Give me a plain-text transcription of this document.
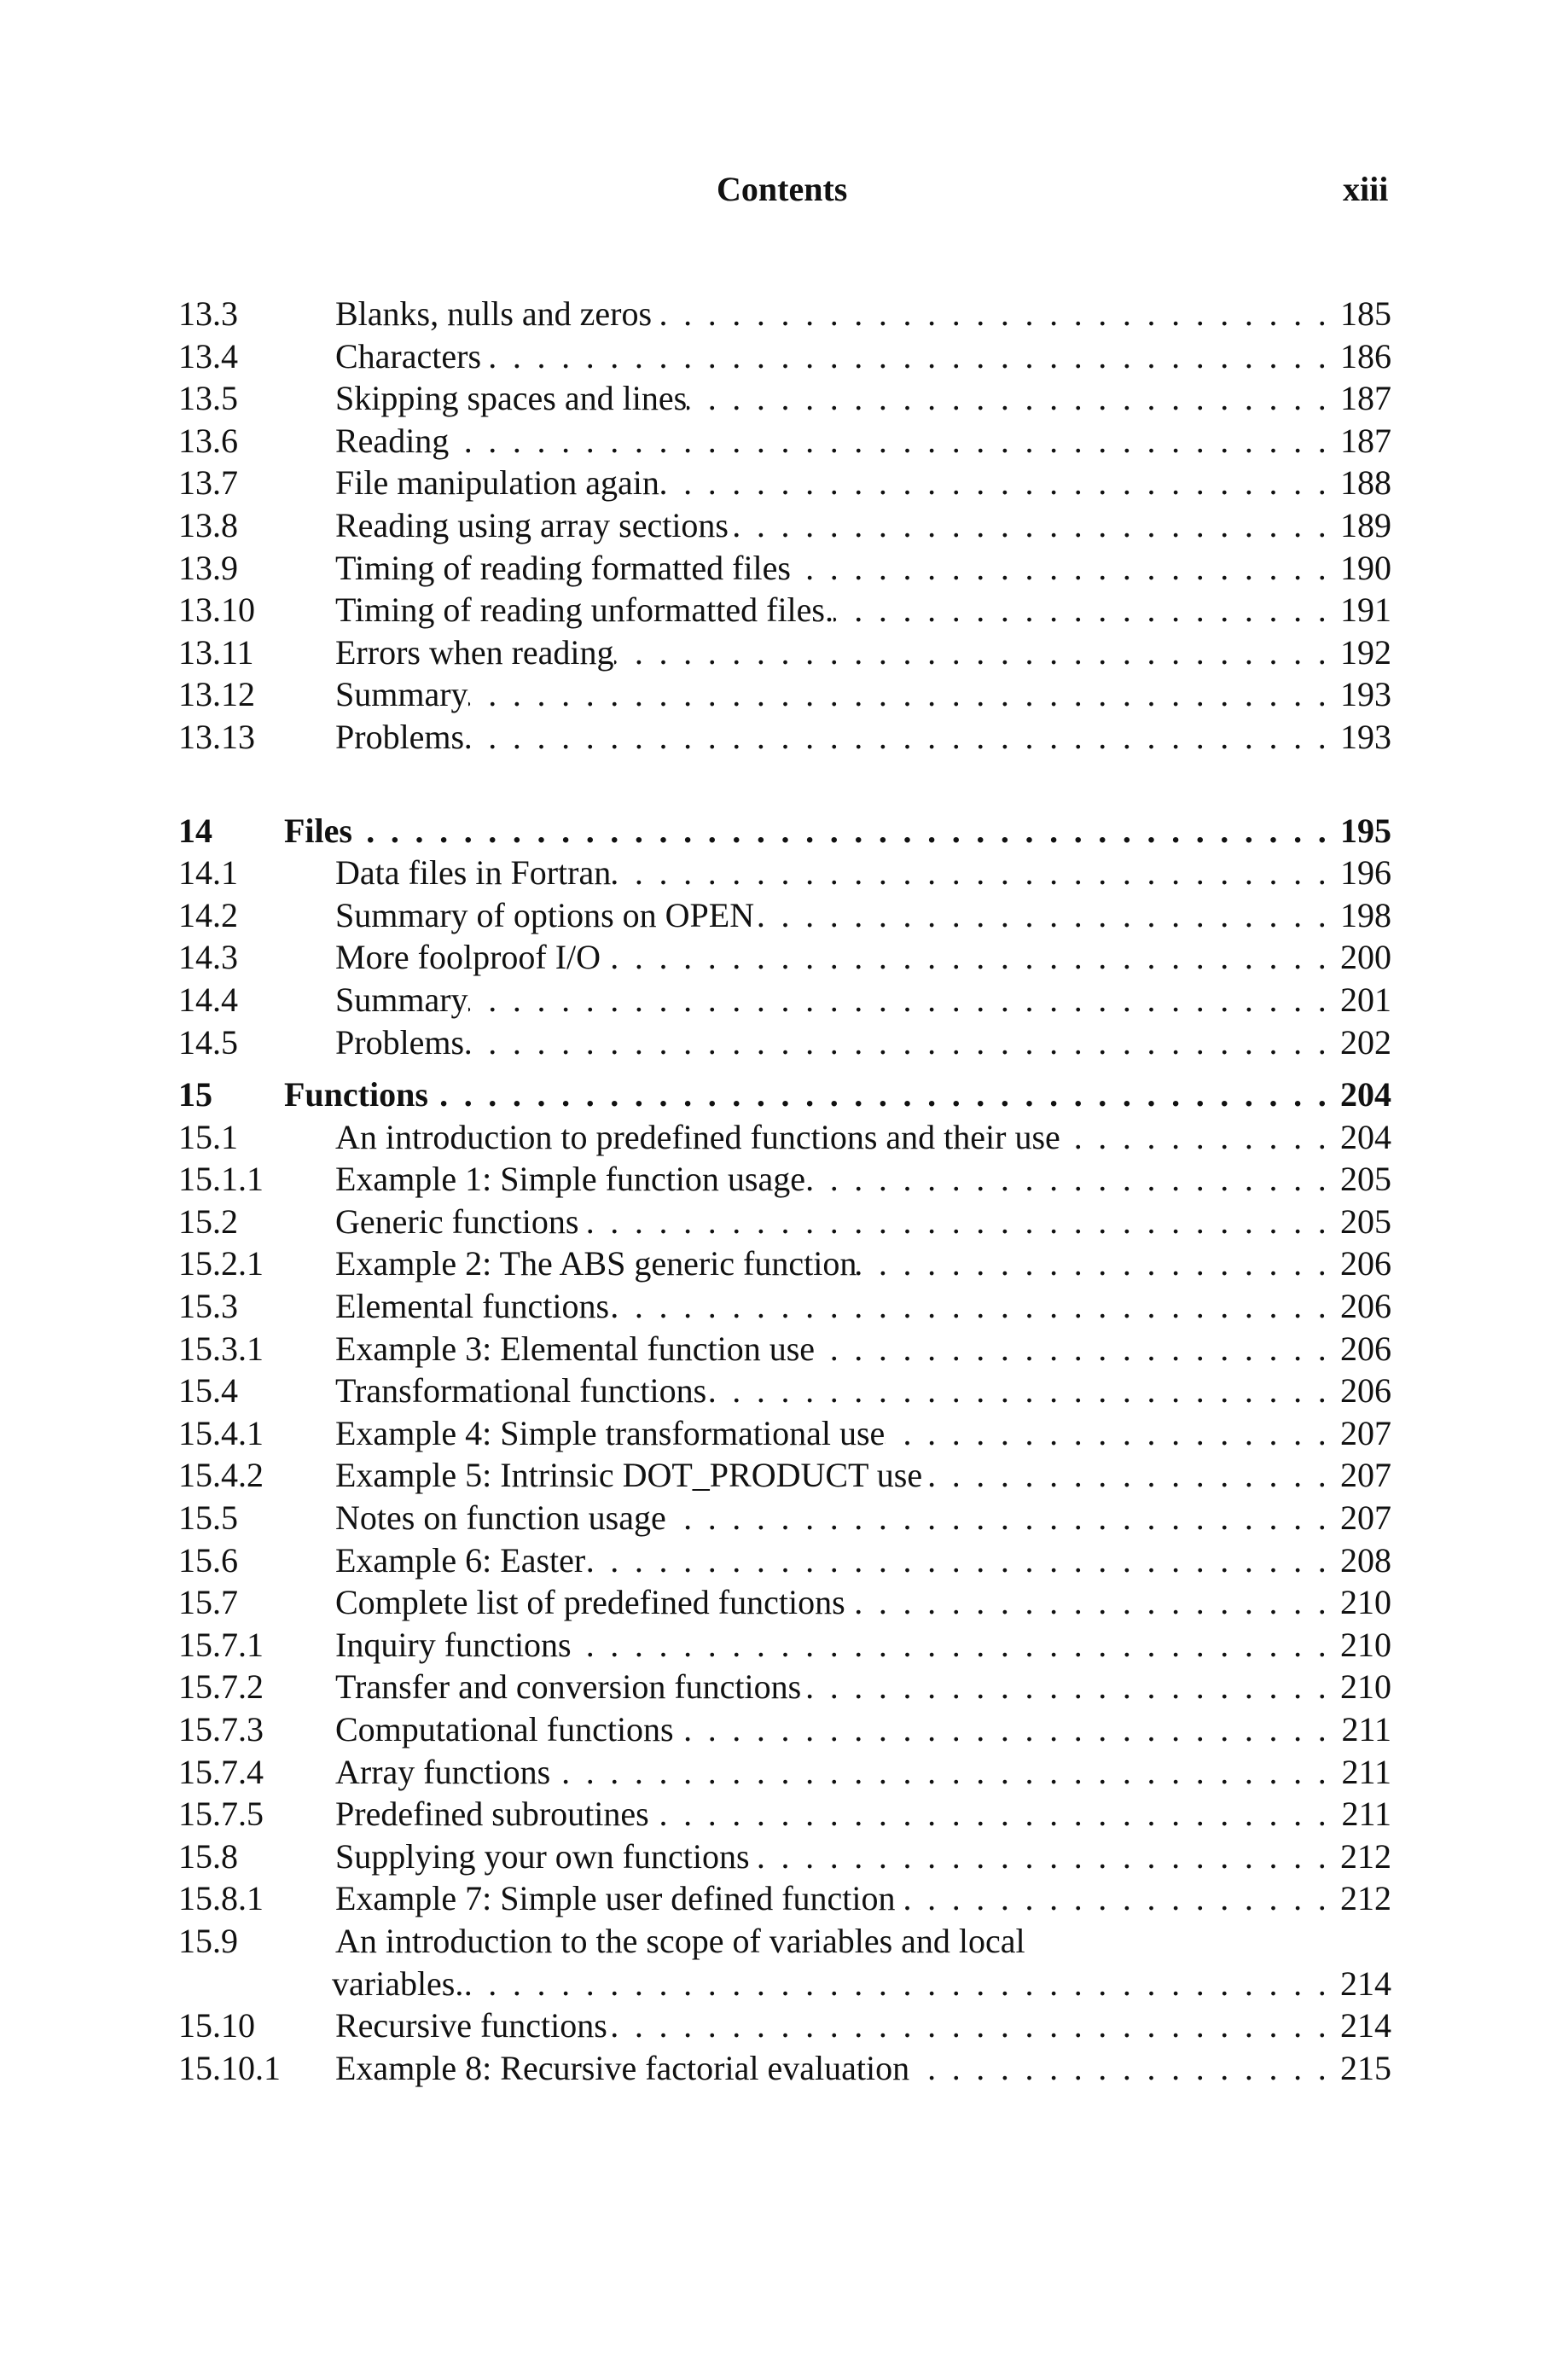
Contents	xiii
13.3	Blanks, nulls and zeros . . .	185
13.4	Characters . . .	186
13.5	Skipping spaces and lines . . .	187
13.6	Reading . . .	187
13.7	File manipulation again . . .	188
13.8	Reading using array sections . . .	189
13.9	Timing of reading formatted files . . .	190
13.10	Timing of reading unformatted files. . . .	191
13.11	Errors when reading . . .	192
13.12	Summary . . .	193
13.13	Problems . . .	193
14	Files . . .	195
14.1	Data files in Fortran . . .	196
14.2	Summary of options on OPEN . . .	198
14.3	More foolproof I/O . . .	200
14.4	Summary . . .	201
14.5	Problems . . .	202
15	Functions . . .	204
15.1	An introduction to predefined functions and their use . . .	204
15.1.1	Example 1: Simple function usage . . .	205
15.2	Generic functions . . .	205
15.2.1	Example 2: The ABS generic function . . .	206
15.3	Elemental functions . . .	206
15.3.1	Example 3: Elemental function use . . .	206
15.4	Transformational functions . . .	206
15.4.1	Example 4: Simple transformational use . . .	207
15.4.2	Example 5: Intrinsic DOT_PRODUCT use . . .	207
15.5	Notes on function usage . . .	207
15.6	Example 6: Easter . . .	208
15.7	Complete list of predefined functions . . .	210
15.7.1	Inquiry functions . . .	210
15.7.2	Transfer and conversion functions . . .	210
15.7.3	Computational functions . . .	211
15.7.4	Array functions . . .	211
15.7.5	Predefined subroutines . . .	211
15.8	Supplying your own functions . . .	212
15.8.1	Example 7: Simple user defined function . . .	212
15.9	An introduction to the scope of variables and local
variables. . . .	214
15.10	Recursive functions . . .	214
15.10.1	Example 8: Recursive factorial evaluation . . .	215
